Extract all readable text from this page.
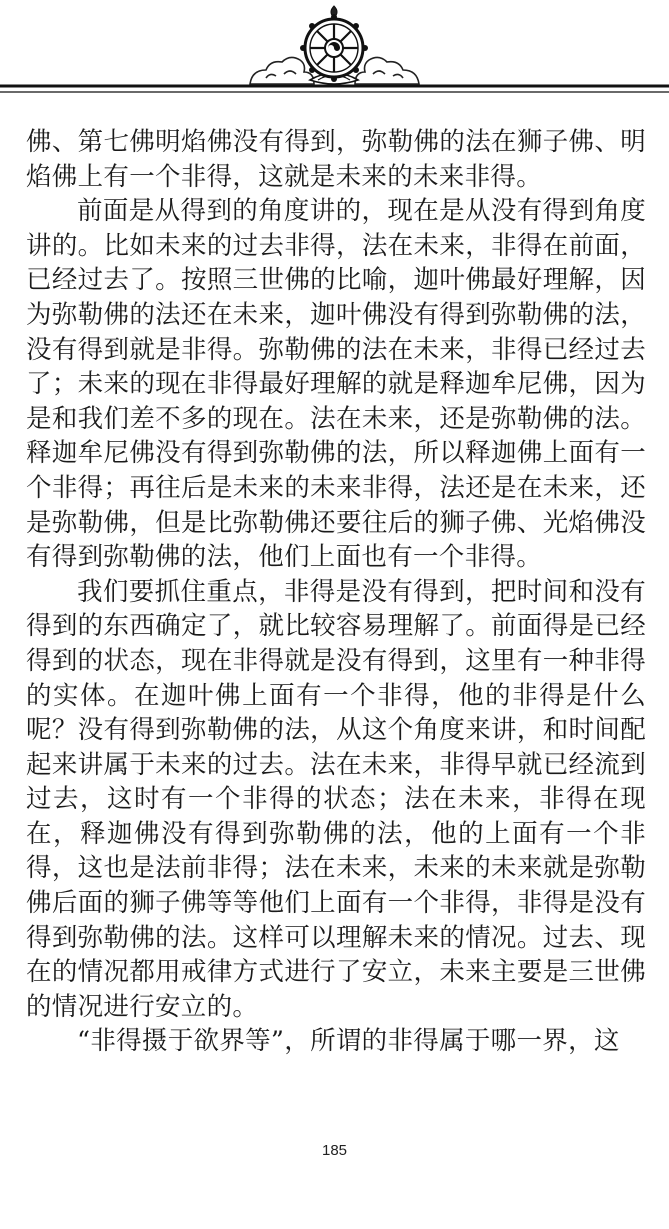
佛、第七佛明焰佛没有得到，弥勒佛的法在狮子佛、明焰佛上有一个非得，这就是未来的未来非得。

前面是从得到的角度讲的，现在是从没有得到角度讲的。比如未来的过去非得，法在未来，非得在前面，已经过去了。按照三世佛的比喻，迦叶佛最好理解，因为弥勒佛的法还在未来，迦叶佛没有得到弥勒佛的法，没有得到就是非得。弥勒佛的法在未来，非得已经过去了；未来的现在非得最好理解的就是释迦牟尼佛，因为是和我们差不多的现在。法在未来，还是弥勒佛的法。释迦牟尼佛没有得到弥勒佛的法，所以释迦佛上面有一个非得；再往后是未来的未来非得，法还是在未来，还是弥勒佛，但是比弥勒佛还要往后的狮子佛、光焰佛没有得到弥勒佛的法，他们上面也有一个非得。

我们要抓住重点，非得是没有得到，把时间和没有得到的东西确定了，就比较容易理解了。前面得是已经得到的状态，现在非得就是没有得到，这里有一种非得的实体。在迦叶佛上面有一个非得，他的非得是什么呢？没有得到弥勒佛的法，从这个角度来讲，和时间配起来讲属于未来的过去。法在未来，非得早就已经流到过去，这时有一个非得的状态；法在未来，非得在现在，释迦佛没有得到弥勒佛的法，他的上面有一个非得，这也是法前非得；法在未来，未来的未来就是弥勒佛后面的狮子佛等等他们上面有一个非得，非得是没有得到弥勒佛的法。这样可以理解未来的情况。过去、现在的情况都用戒律方式进行了安立，未来主要是三世佛的情况进行安立的。

“非得摄于欲界等”，所谓的非得属于哪一界，这

185
